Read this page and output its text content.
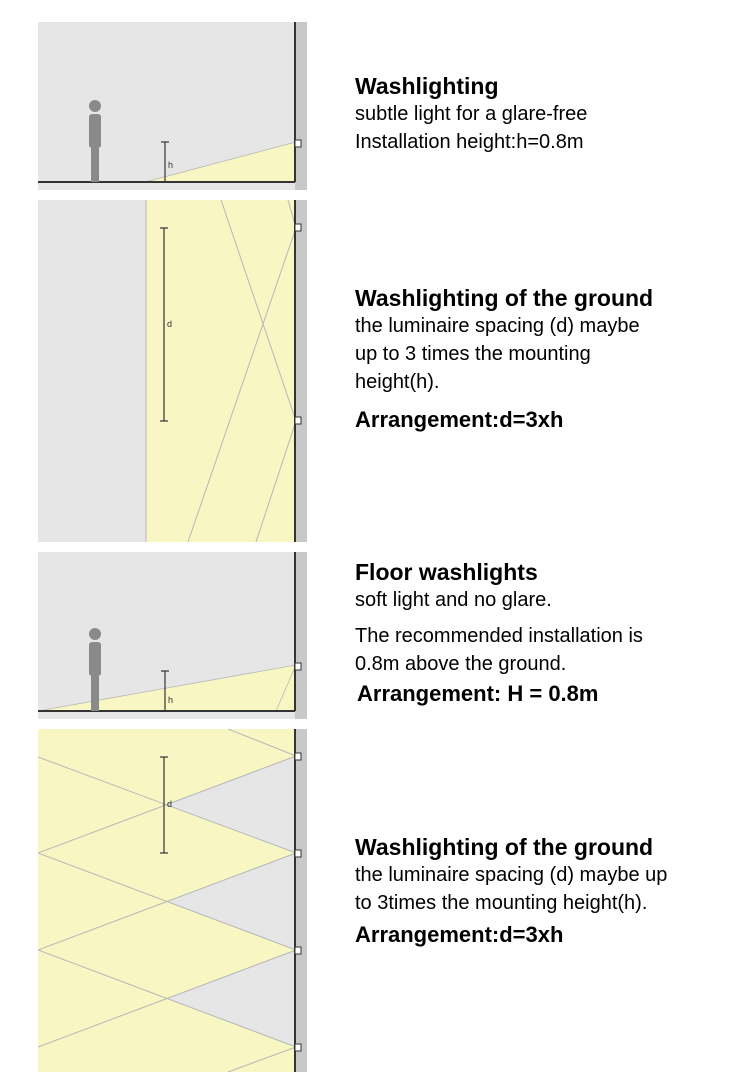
h
d
h
d

Washlighting

subtle light for a glare-free

Installation height:h=0.8m

Washlighting of the ground

the luminaire spacing (d) maybe

up to 3 times the mounting

height(h).

Arrangement:d=3xh

Floor washlights

soft light and no glare.

The recommended installation is

0.8m above the ground.

Arrangement: H = 0.8m

Washlighting of the ground

the luminaire spacing (d) maybe up

to 3times the mounting height(h).

Arrangement:d=3xh
